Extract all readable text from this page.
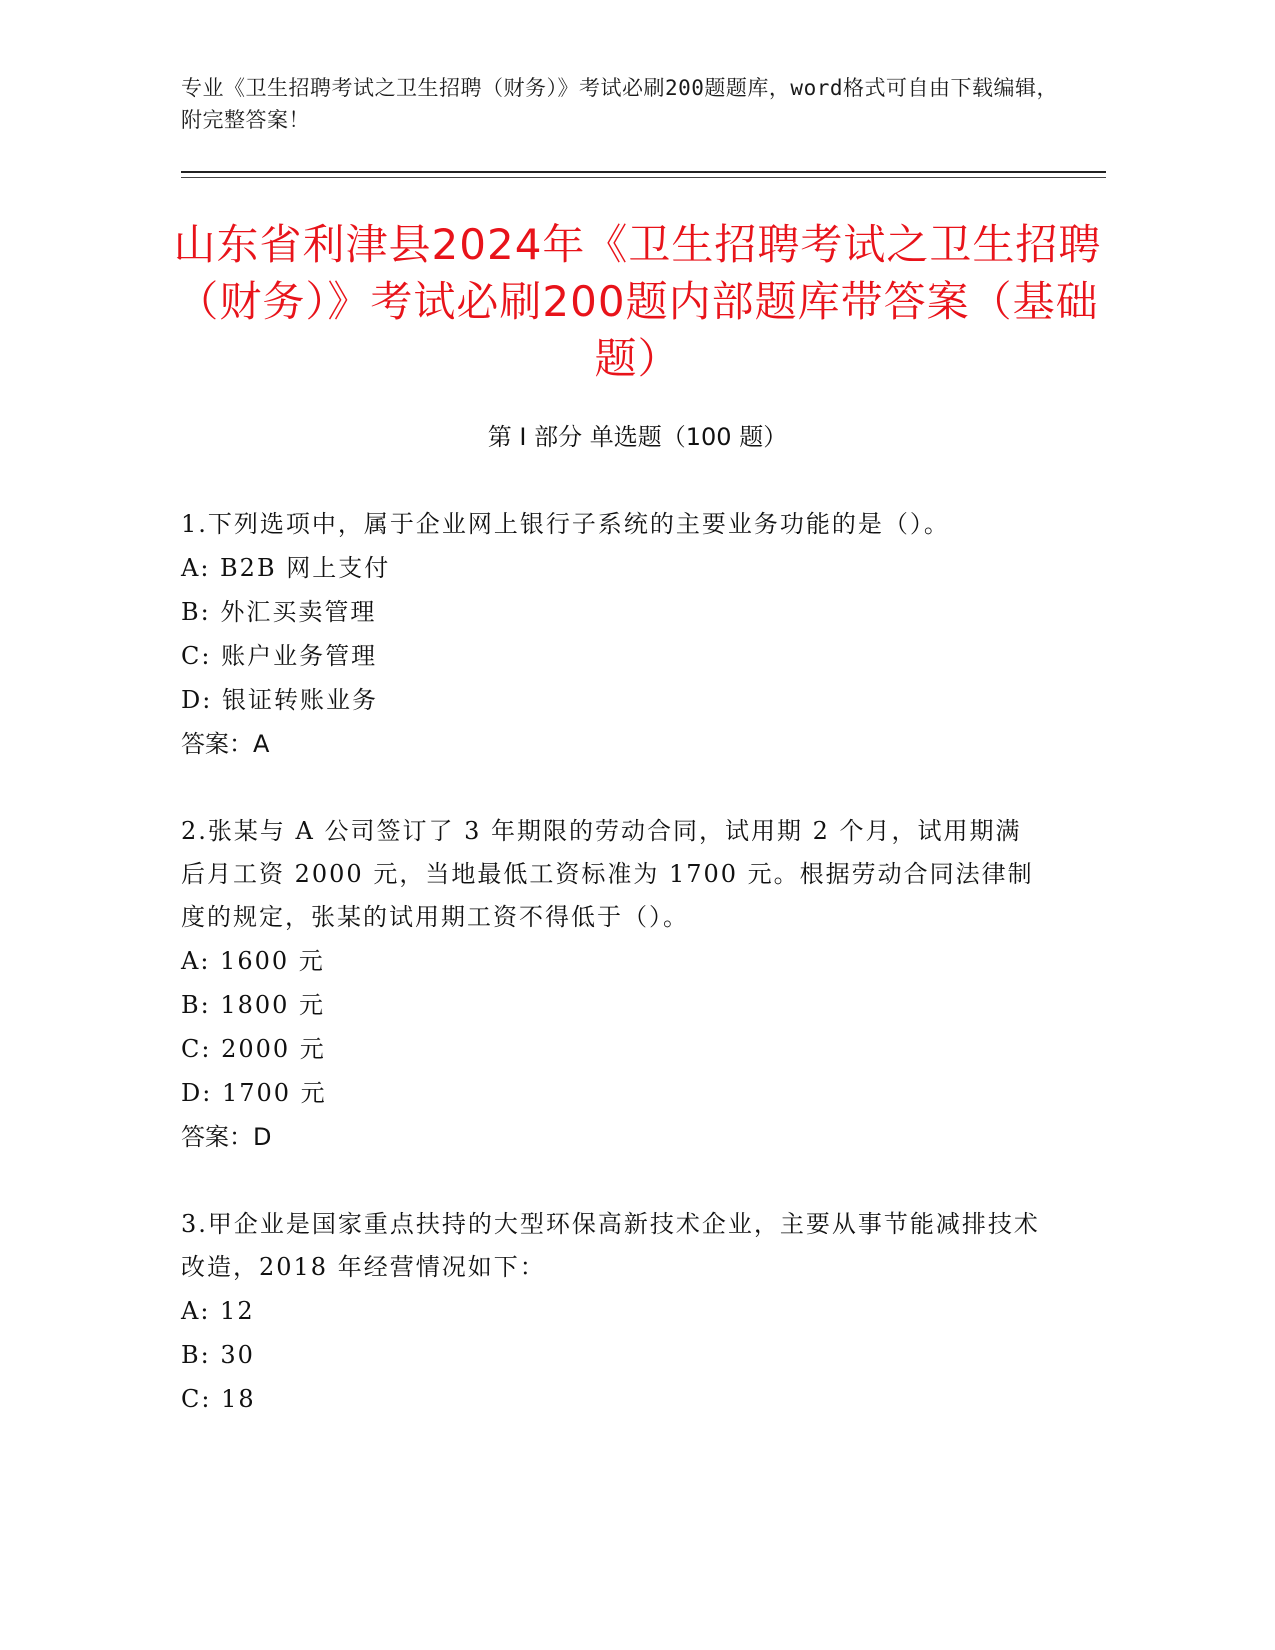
专业《卫生招聘考试之卫生招聘（财务）》考试必刷200题题库，word格式可自由下载编辑，附完整答案！
山东省利津县2024年《卫生招聘考试之卫生招聘（财务）》考试必刷200题内部题库带答案（基础题）
第 I 部分 单选题（100 题）

1.下列选项中，属于企业网上银行子系统的主要业务功能的是（）。

A: B2B 网上支付

B: 外汇买卖管理

C: 账户业务管理

D: 银证转账业务

答案：A

2.张某与 A 公司签订了 3 年期限的劳动合同，试用期 2 个月，试用期满后月工资 2000 元，当地最低工资标准为 1700 元。根据劳动合同法律制度的规定，张某的试用期工资不得低于（）。

A: 1600 元

B: 1800 元

C: 2000 元

D: 1700 元

答案：D

3.甲企业是国家重点扶持的大型环保高新技术企业，主要从事节能减排技术改造，2018 年经营情况如下：

A: 12

B: 30

C: 18
